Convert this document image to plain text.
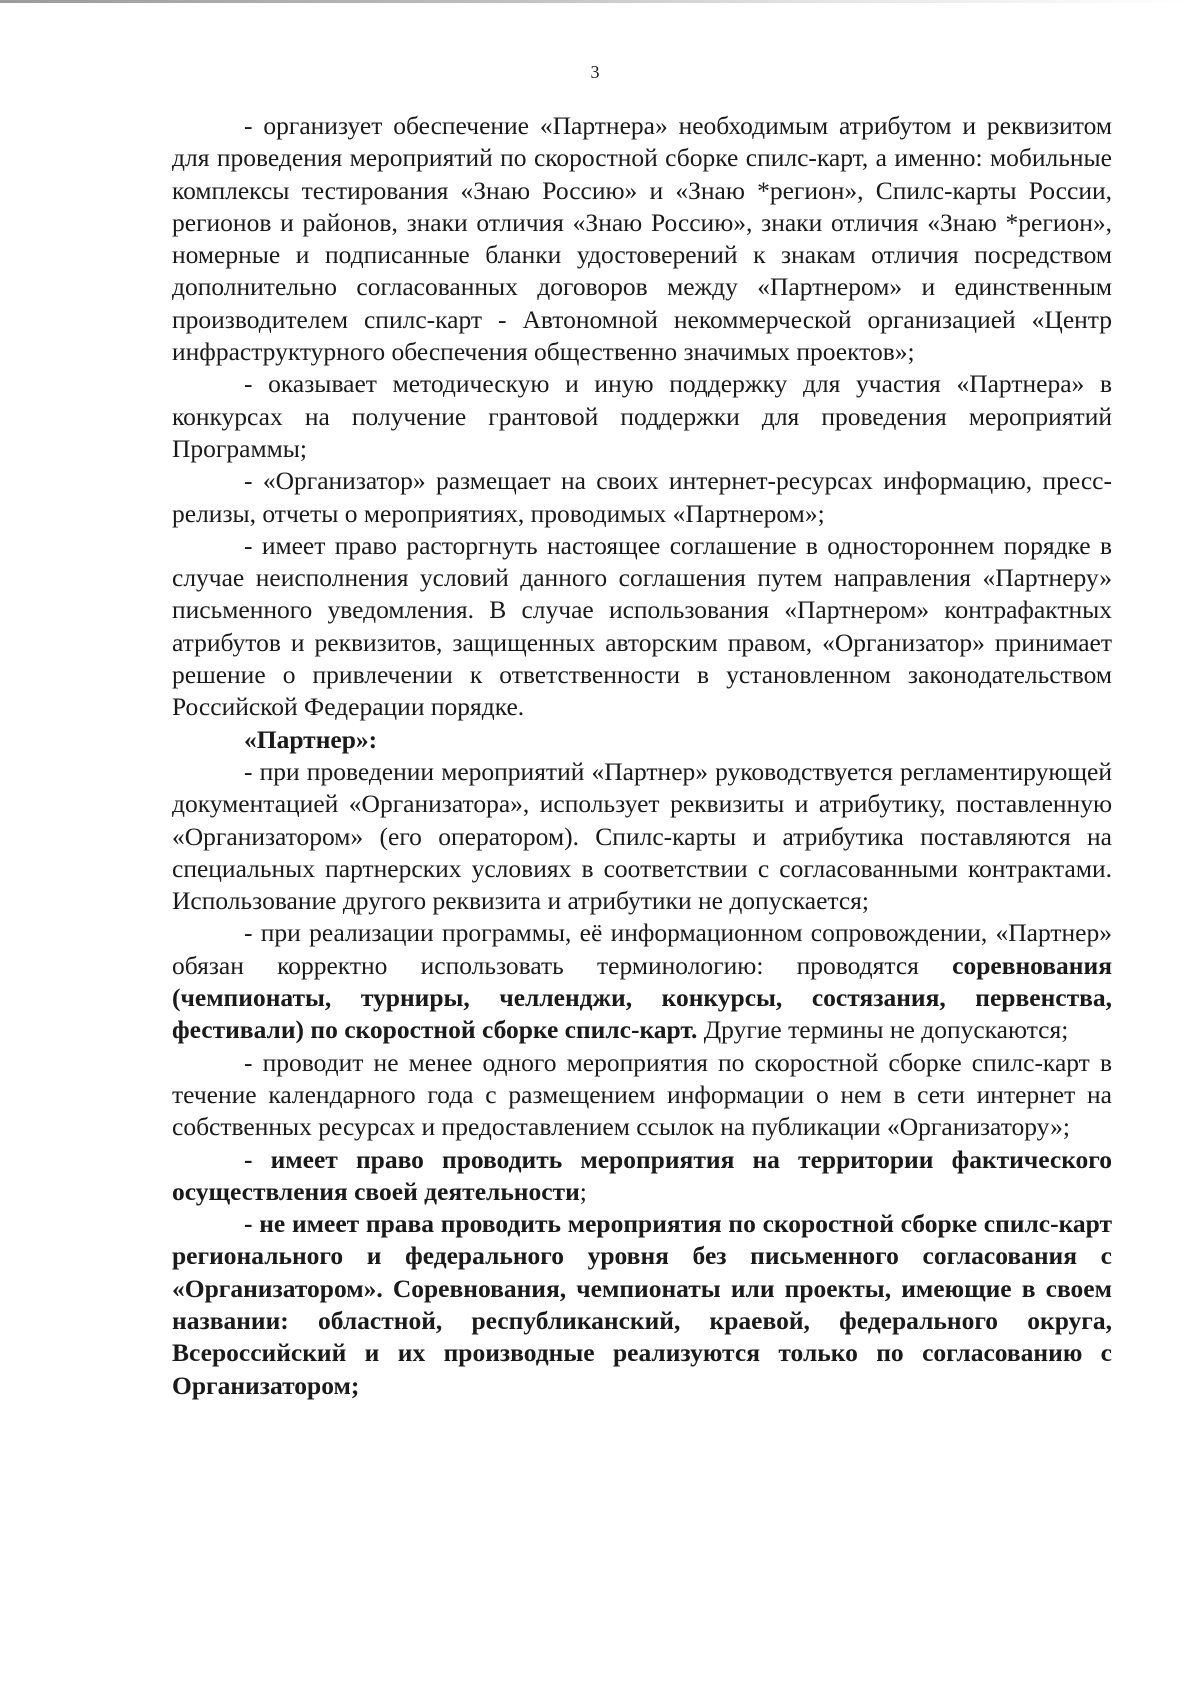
3

- организует обеспечение «Партнера» необходимым атрибутом и реквизитом для проведения мероприятий по скоростной сборке спилс-карт, а именно: мобильные комплексы тестирования «Знаю Россию» и «Знаю *регион», Спилс-карты России, регионов и районов, знаки отличия «Знаю Россию», знаки отличия «Знаю *регион», номерные и подписанные бланки удостоверений к знакам отличия посредством дополнительно согласованных договоров между «Партнером» и единственным производителем спилс-карт - Автономной некоммерческой организацией «Центр инфраструктурного обеспечения общественно значимых проектов»;

- оказывает методическую и иную поддержку для участия «Партнера» в конкурсах на получение грантовой поддержки для проведения мероприятий Программы;

- «Организатор» размещает на своих интернет-ресурсах информацию, пресс-релизы, отчеты о мероприятиях, проводимых «Партнером»;

- имеет право расторгнуть настоящее соглашение в одностороннем порядке в случае неисполнения условий данного соглашения путем направления «Партнеру» письменного уведомления. В случае использования «Партнером» контрафактных атрибутов и реквизитов, защищенных авторским правом, «Организатор» принимает решение о привлечении к ответственности в установленном законодательством Российской Федерации порядке.

«Партнер»:

- при проведении мероприятий «Партнер» руководствуется регламентирующей документацией «Организатора», использует реквизиты и атрибутику, поставленную «Организатором» (его оператором). Спилс-карты и атрибутика поставляются на специальных партнерских условиях в соответствии с согласованными контрактами. Использование другого реквизита и атрибутики не допускается;

- при реализации программы, её информационном сопровождении, «Партнер» обязан корректно использовать терминологию: проводятся соревнования (чемпионаты, турниры, челленджи, конкурсы, состязания, первенства, фестивали) по скоростной сборке спилс-карт. Другие термины не допускаются;

- проводит не менее одного мероприятия по скоростной сборке спилс-карт в течение календарного года с размещением информации о нем в сети интернет на собственных ресурсах и предоставлением ссылок на публикации «Организатору»;

- имеет право проводить мероприятия на территории фактического осуществления своей деятельности;

- не имеет права проводить мероприятия по скоростной сборке спилс-карт регионального и федерального уровня без письменного согласования с «Организатором». Соревнования, чемпионаты или проекты, имеющие в своем названии: областной, республиканский, краевой, федерального округа, Всероссийский и их производные реализуются только по согласованию с Организатором;
